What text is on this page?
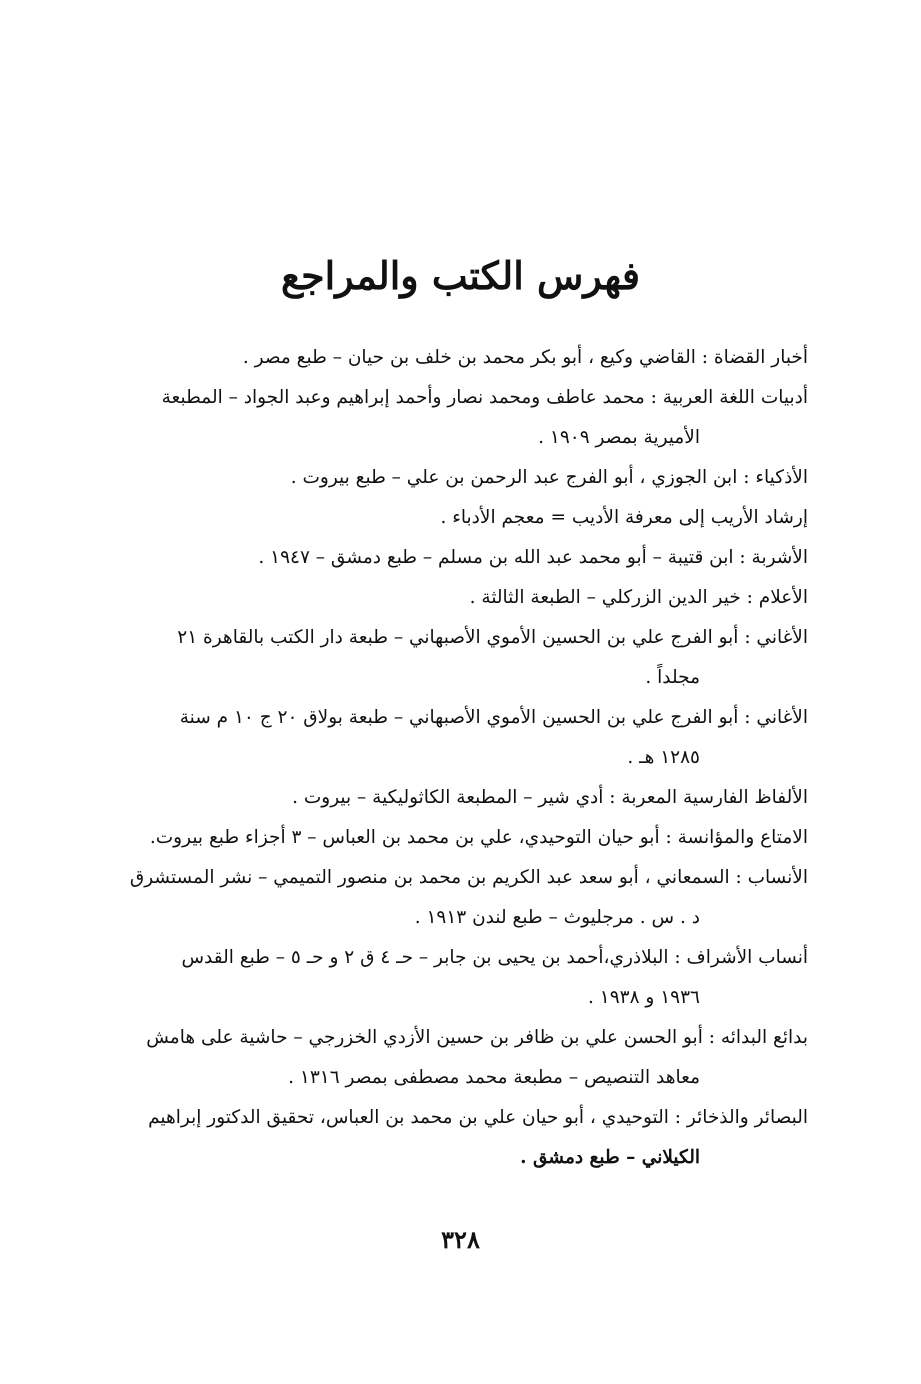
فهرس الكتب والمراجع

أخبار القضاة : القاضي وكيع ، أبو بكر محمد بن خلف بن حيان – طبع مصر .

أدبيات اللغة العربية : محمد عاطف ومحمد نصار وأحمد إبراهيم وعبد الجواد – المطبعة
الأميرية بمصر ١٩٠٩ .

الأذكياء : ابن الجوزي ، أبو الفرج عبد الرحمن بن علي – طبع بيروت .

إرشاد الأريب إلى معرفة الأديب = معجم الأدباء .

الأشربة : ابن قتيبة – أبو محمد عبد الله بن مسلم – طبع دمشق – ١٩٤٧ .

الأعلام : خير الدين الزركلي – الطبعة الثالثة .

الأغاني : أبو الفرج علي بن الحسين الأموي الأصبهاني – طبعة دار الكتب بالقاهرة ٢١
مجلداً .

الأغاني : أبو الفرج علي بن الحسين الأموي الأصبهاني – طبعة بولاق ٢٠ ج ١٠ م سنة
١٢٨٥ هـ .

الألفاظ الفارسية المعربة : أدي شير – المطبعة الكاثوليكية – بيروت .

الامتاع والمؤانسة : أبو حيان التوحيدي، علي بن محمد بن العباس – ٣ أجزاء طبع بيروت.

الأنساب : السمعاني ، أبو سعد عبد الكريم بن محمد بن منصور التميمي – نشر المستشرق
د . س . مرجليوث – طبع لندن ١٩١٣ .

أنساب الأشراف : البلاذري،أحمد بن يحيى بن جابر – حـ ٤ ق ٢ و حـ ٥ – طبع القدس
١٩٣٦ و ١٩٣٨ .

بدائع البدائه : أبو الحسن علي بن ظافر بن حسين الأزدي الخزرجي – حاشية على هامش
معاهد التنصيص – مطبعة محمد مصطفى بمصر ١٣١٦ .

البصائر والذخائر : التوحيدي ، أبو حيان علي بن محمد بن العباس، تحقيق الدكتور إبراهيم
الكيلاني – طبع دمشق .

٣٢٨
